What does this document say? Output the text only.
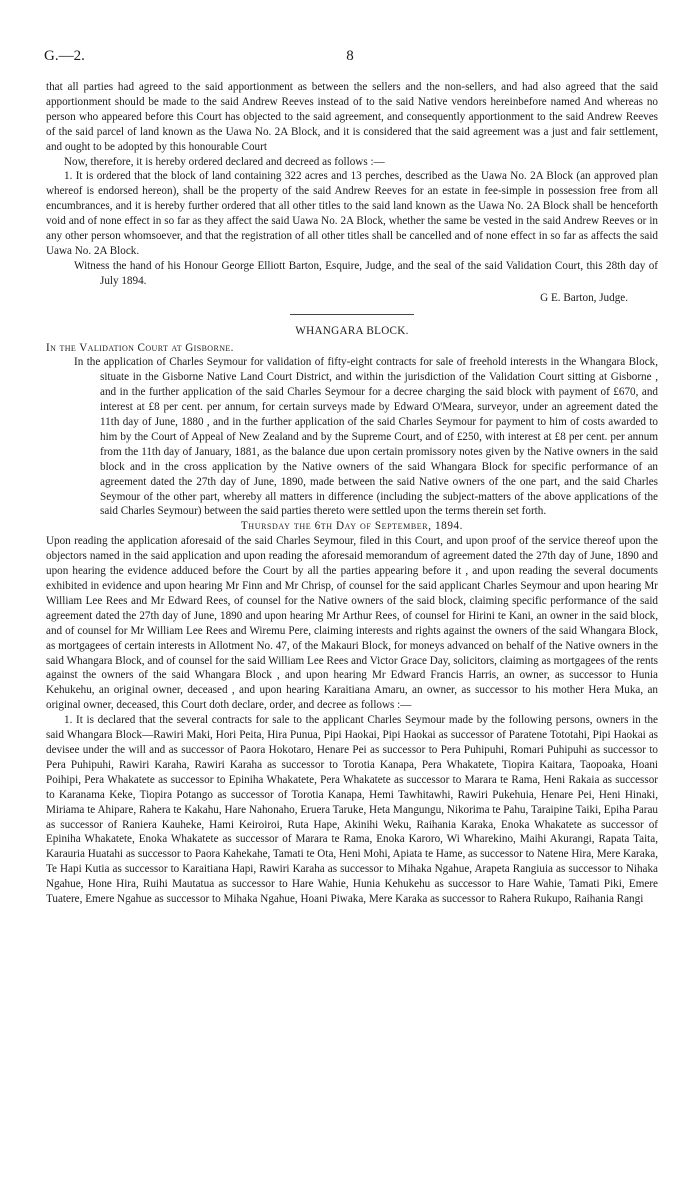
G.—2.	8

that all parties had agreed to the said apportionment as between the sellers and the non-sellers, and had also agreed that the said apportionment should be made to the said Andrew Reeves instead of to the said Native vendors hereinbefore named And whereas no person who appeared before this Court has objected to the said agreement, and consequently apportionment to the said Andrew Reeves of the said parcel of land known as the Uawa No. 2A Block, and it is considered that the said agreement was a just and fair settlement, and ought to be adopted by this honourable Court

Now, therefore, it is hereby ordered declared and decreed as follows :—

1. It is ordered that the block of land containing 322 acres and 13 perches, described as the Uawa No. 2A Block (an approved plan whereof is endorsed hereon), shall be the property of the said Andrew Reeves for an estate in fee-simple in possession free from all encumbrances, and it is hereby further ordered that all other titles to the said land known as the Uawa No. 2A Block shall be henceforth void and of none effect in so far as they affect the said Uawa No. 2A Block, whether the same be vested in the said Andrew Reeves or in any other person whomsoever, and that the registration of all other titles shall be cancelled and of none effect in so far as affects the said Uawa No. 2A Block.

Witness the hand of his Honour George Elliott Barton, Esquire, Judge, and the seal of the said Validation Court, this 28th day of July 1894.

G E. Barton, Judge.

WHANGARA BLOCK.

In the Validation Court at Gisborne.

In the application of Charles Seymour for validation of fifty-eight contracts for sale of freehold interests in the Whangara Block, situate in the Gisborne Native Land Court District, and within the jurisdiction of the Validation Court sitting at Gisborne , and in the further application of the said Charles Seymour for a decree charging the said block with payment of £670, and interest at £8 per cent. per annum, for certain surveys made by Edward O'Meara, surveyor, under an agreement dated the 11th day of June, 1880 , and in the further application of the said Charles Seymour for payment to him of costs awarded to him by the Court of Appeal of New Zealand and by the Supreme Court, and of £250, with interest at £8 per cent. per annum from the 11th day of January, 1881, as the balance due upon certain promissory notes given by the Native owners in the said block and in the cross application by the Native owners of the said Whangara Block for specific performance of an agreement dated the 27th day of June, 1890, made between the said Native owners of the one part, and the said Charles Seymour of the other part, whereby all matters in difference (including the subject-matters of the above applications of the said Charles Seymour) between the said parties thereto were settled upon the terms therein set forth.

Thursday the 6th Day of September, 1894.

Upon reading the application aforesaid of the said Charles Seymour, filed in this Court, and upon proof of the service thereof upon the objectors named in the said application and upon reading the aforesaid memorandum of agreement dated the 27th day of June, 1890 and upon hearing the evidence adduced before the Court by all the parties appearing before it , and upon reading the several documents exhibited in evidence and upon hearing Mr Finn and Mr Chrisp, of counsel for the said applicant Charles Seymour and upon hearing Mr William Lee Rees and Mr Edward Rees, of counsel for the Native owners of the said block, claiming specific performance of the said agreement dated the 27th day of June, 1890 and upon hearing Mr Arthur Rees, of counsel for Hirini te Kani, an owner in the said block, and of counsel for Mr William Lee Rees and Wiremu Pere, claiming interests and rights against the owners of the said Whangara Block, as mortgagees of certain interests in Allotment No. 47, of the Makauri Block, for moneys advanced on behalf of the Native owners in the said Whangara Block, and of counsel for the said William Lee Rees and Victor Grace Day, solicitors, claiming as mortgagees of the rents against the owners of the said Whangara Block , and upon hearing Mr Edward Francis Harris, an owner, as successor to Hunia Kehukehu, an original owner, deceased , and upon hearing Karaitiana Amaru, an owner, as successor to his mother Hera Muka, an original owner, deceased, this Court doth declare, order, and decree as follows :—

1. It is declared that the several contracts for sale to the applicant Charles Seymour made by the following persons, owners in the said Whangara Block—Rawiri Maki, Hori Peita, Hira Punua, Pipi Haokai, Pipi Haokai as successor of Paratene Tototahi, Pipi Haokai as devisee under the will and as successor of Paora Hokotaro, Henare Pei as successor to Pera Puhipuhi, Romari Puhipuhi as successor to Pera Puhipuhi, Rawiri Karaha, Rawiri Karaha as successor to Torotia Kanapa, Pera Whakatete, Tiopira Kaitara, Taopoaka, Hoani Poihipi, Pera Whakatete as successor to Epiniha Whakatete, Pera Whakatete as successor to Marara te Rama, Heni Rakaia as successor to Karanama Keke, Tiopira Potango as successor of Torotia Kanapa, Hemi Tawhitawhi, Rawiri Pukehuia, Henare Pei, Heni Hinaki, Miriama te Ahipare, Rahera te Kakahu, Hare Nahonaho, Eruera Taruke, Heta Mangungu, Nikorima te Pahu, Taraipine Taiki, Epiha Parau as successor of Raniera Kauheke, Hami Keiroiroi, Ruta Hape, Akinihi Weku, Raihania Karaka, Enoka Whakatete as successor of Epiniha Whakatete, Enoka Whakatete as successor of Marara te Rama, Enoka Karoro, Wi Wharekino, Maihi Akurangi, Rapata Taita, Karauria Huatahi as successor to Paora Kahekahe, Tamati te Ota, Heni Mohi, Apiata te Hame, as successor to Natene Hira, Mere Karaka, Te Hapi Kutia as successor to Karaitiana Hapi, Rawiri Karaha as successor to Mihaka Ngahue, Arapeta Rangiuia as successor to Nihaka Ngahue, Hone Hira, Ruihi Mautatua as successor to Hare Wahie, Hunia Kehukehu as successor to Hare Wahie, Tamati Piki, Emere Tuatere, Emere Ngahue as successor to Mihaka Ngahue, Hoani Piwaka, Mere Karaka as successor to Rahera Rukupo, Raihania Rangi
